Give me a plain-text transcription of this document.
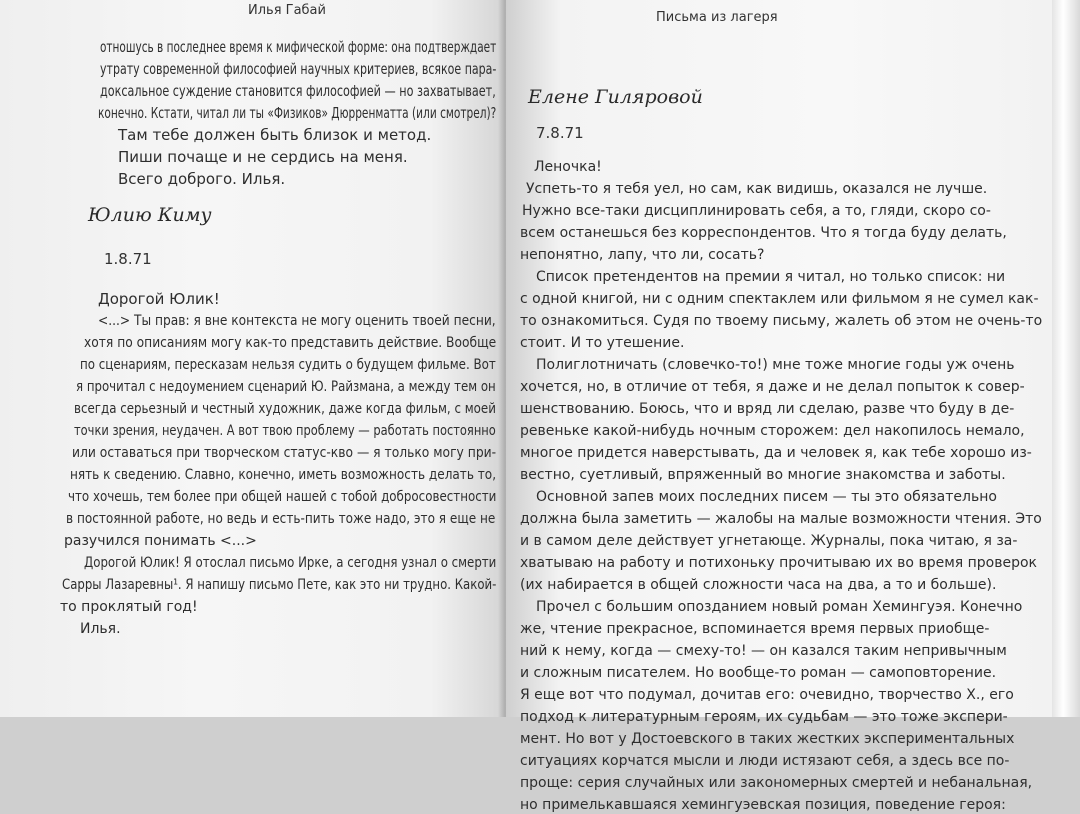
Илья Габай
отношусь в последнее время к мифической форме: она подтверждает
утрату современной философией научных критериев, всякое пара-
доксальное суждение становится философией — но захватывает,
конечно. Кстати, читал ли ты «Физиков» Дюрренматта (или смотрел)?
Там тебе должен быть близок и метод.
Пиши почаще и не сердись на меня.
Всего доброго. Илья.
Юлию Киму
1.8.71
Дорогой Юлик!
<...> Ты прав: я вне контекста не могу оценить твоей песни,
хотя по описаниям могу как-то представить действие. Вообще
по сценариям, пересказам нельзя судить о будущем фильме. Вот
я прочитал с недоумением сценарий Ю. Райзмана, а между тем он
всегда серьезный и честный художник, даже когда фильм, с моей
точки зрения, неудачен. А вот твою проблему — работать постоянно
или оставаться при творческом статус-кво — я только могу при-
нять к сведению. Славно, конечно, иметь возможность делать то,
что хочешь, тем более при общей нашей с тобой добросовестности
в постоянной работе, но ведь и есть-пить тоже надо, это я еще не
разучился понимать <...>
Дорогой Юлик! Я отослал письмо Ирке, а сегодня узнал о смерти
Сарры Лазаревны¹. Я напишу письмо Пете, как это ни трудно. Какой-
то проклятый год!
Илья.
Письма из лагеря
Елене Гиляровой
7.8.71
Леночка!
Успеть-то я тебя уел, но сам, как видишь, оказался не лучше.
Нужно все-таки дисциплинировать себя, а то, гляди, скоро со-
всем останешься без корреспондентов. Что я тогда буду делать,
непонятно, лапу, что ли, сосать?
Список претендентов на премии я читал, но только список: ни
с одной книгой, ни с одним спектаклем или фильмом я не сумел как-
то ознакомиться. Судя по твоему письму, жалеть об этом не очень-то
стоит. И то утешение.
Полиглотничать (словечко-то!) мне тоже многие годы уж очень
хочется, но, в отличие от тебя, я даже и не делал попыток к совер-
шенствованию. Боюсь, что и вряд ли сделаю, разве что буду в де-
ревеньке какой-нибудь ночным сторожем: дел накопилось немало,
многое придется наверстывать, да и человек я, как тебе хорошо из-
вестно, суетливый, впряженный во многие знакомства и заботы.
Основной запев моих последних писем — ты это обязательно
должна была заметить — жалобы на малые возможности чтения. Это
и в самом деле действует угнетающе. Журналы, пока читаю, я за-
хватываю на работу и потихоньку прочитываю их во время проверок
(их набирается в общей сложности часа на два, а то и больше).
Прочел с большим опозданием новый роман Хемингуэя. Конечно
же, чтение прекрасное, вспоминается время первых приобще-
ний к нему, когда — смеху-то! — он казался таким непривычным
и сложным писателем. Но вообще-то роман — самоповторение.
Я еще вот что подумал, дочитав его: очевидно, творчество Х., его
подход к литературным героям, их судьбам — это тоже экспери-
мент. Но вот у Достоевского в таких жестких экспериментальных
ситуациях корчатся мысли и люди истязают себя, а здесь все по-
проще: серия случайных или закономерных смертей и небанальная,
но примелькавшаяся хемингуэевская позиция, поведение героя:
